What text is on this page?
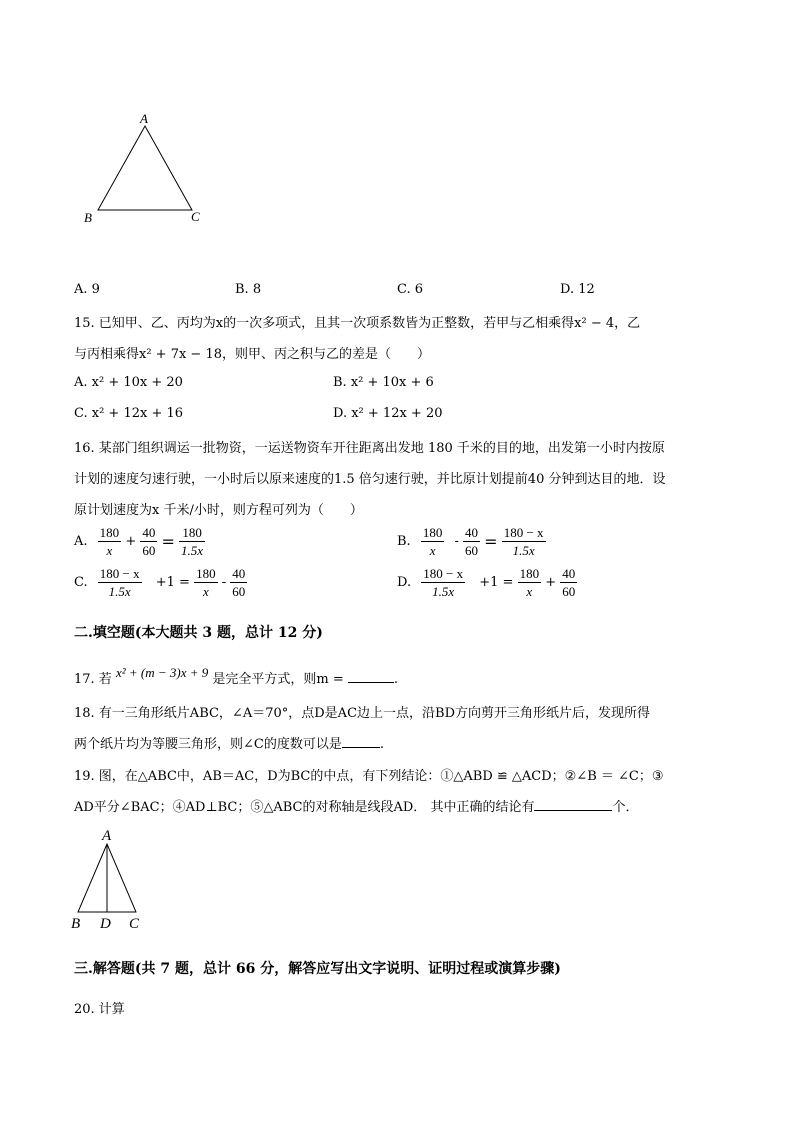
A
B	C
A. 9	B. 8	C. 6	D. 12
15. 已知甲、乙、丙均为x的一次多项式，且其一次项系数皆为正整数，若甲与乙相乘得x² − 4，乙
与丙相乘得x² + 7x − 18，则甲、丙之积与乙的差是（　　）
A. x² + 10x + 20	B. x² + 10x + 6
C. x² + 12x + 16	D. x² + 12x + 20
16. 某部门组织调运一批物资，一运送物资车开往距离出发地 180 千米的目的地，出发第一小时内按原
计划的速度匀速行驶，一小时后以原来速度的1.5 倍匀速行驶，并比原计划提前40 分钟到达目的地．设
原计划速度为x 千米/小时，则方程可列为（　　）
A. $\frac{180}{x} + \frac{40}{60} = \frac{180}{1.5x}$	B. $\frac{180}{x} - \frac{40}{60} = \frac{180 - x}{1.5x}$
C. $\frac{180 - x}{1.5x} +1 = \frac{180}{x} - \frac{40}{60}$	D. $\frac{180 - x}{1.5x} +1 = \frac{180}{x} + \frac{40}{60}$
二.填空题(本大题共 3 题，总计 12 分)
17. 若 x² + (m − 3)x + 9 是完全平方式，则m =	.
18. 有一三角形纸片ABC，∠A＝70°，点D是AC边上一点，沿BD方向剪开三角形纸片后，发现所得
两个纸片均为等腰三角形，则∠C的度数可以是	.
19. 图，在△ABC中，AB＝AC，D为BC的中点，有下列结论：①△ABD ≌ △ACD；②∠B ＝ ∠C；③
AD平分∠BAC；④AD⊥BC；⑤△ABC的对称轴是线段AD． 其中正确的结论有	个．
A
B D C
三.解答题(共 7 题，总计 66 分，解答应写出文字说明、证明过程或演算步骤)
20. 计算
